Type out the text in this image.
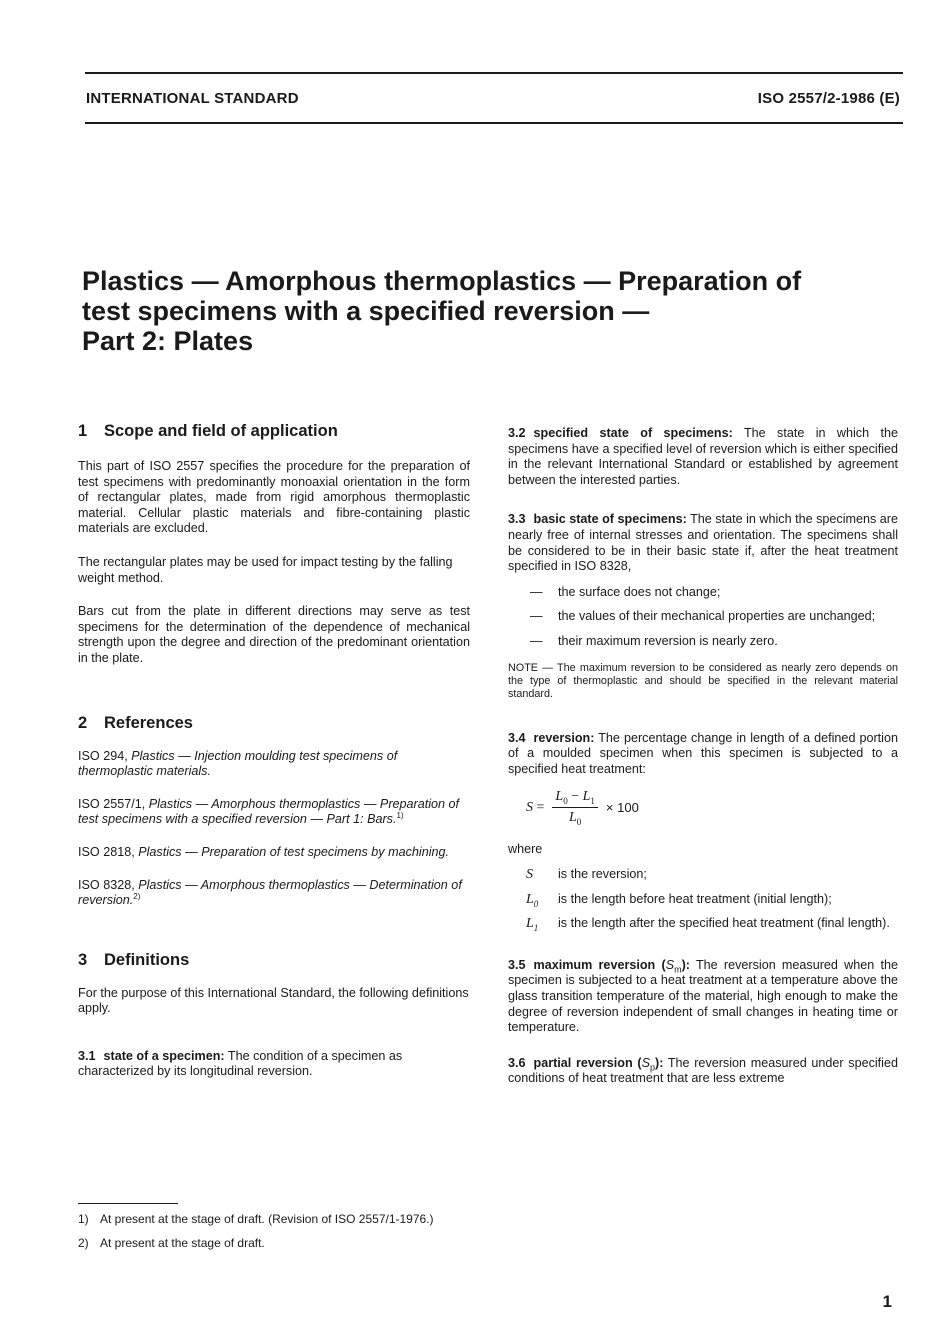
INTERNATIONAL STANDARD	ISO 2557/2-1986 (E)
Plastics — Amorphous thermoplastics — Preparation of
test specimens with a specified reversion —
Part 2: Plates
1 Scope and field of application

This part of ISO 2557 specifies the procedure for the preparation of test specimens with predominantly monoaxial orientation in the form of rectangular plates, made from rigid amorphous thermoplastic material. Cellular plastic materials and fibre-containing plastic materials are excluded.

The rectangular plates may be used for impact testing by the falling weight method.

Bars cut from the plate in different directions may serve as test specimens for the determination of the dependence of mechanical strength upon the degree and direction of the predominant orientation in the plate.

2 References

ISO 294, Plastics — Injection moulding test specimens of thermoplastic materials.

ISO 2557/1, Plastics — Amorphous thermoplastics — Preparation of test specimens with a specified reversion — Part 1: Bars.$^{1)}$

ISO 2818, Plastics — Preparation of test specimens by machining.

ISO 8328, Plastics — Amorphous thermoplastics — Determination of reversion.$^{2)}$

3 Definitions

For the purpose of this International Standard, the following definitions apply.

3.1 state of a specimen: The condition of a specimen as characterized by its longitudinal reversion.

3.2 specified state of specimens: The state in which the specimens have a specified level of reversion which is either specified in the relevant International Standard or established by agreement between the interested parties.

3.3 basic state of specimens: The state in which the specimens are nearly free of internal stresses and orientation. The specimens shall be considered to be in their basic state if, after the heat treatment specified in ISO 8328,

—	the surface does not change;
—	the values of their mechanical properties are unchanged;
—	their maximum reversion is nearly zero.

NOTE — The maximum reversion to be considered as nearly zero depends on the type of thermoplastic and should be specified in the relevant material standard.

3.4 reversion: The percentage change in length of a defined portion of a moulded specimen when this specimen is subjected to a specified heat treatment:

$S = \frac{L_0 - L_1}{L_0} \times 100$

where

S	is the reversion;
$L_0$	is the length before heat treatment (initial length);
$L_1$	is the length after the specified heat treatment (final length).

3.5 maximum reversion $(S_m)$: The reversion measured when the specimen is subjected to a heat treatment at a temperature above the glass transition temperature of the material, high enough to make the degree of reversion independent of small changes in heating time or temperature.

3.6 partial reversion $(S_p)$: The reversion measured under specified conditions of heat treatment that are less extreme

1) At present at the stage of draft. (Revision of ISO 2557/1-1976.)
2) At present at the stage of draft.
1
